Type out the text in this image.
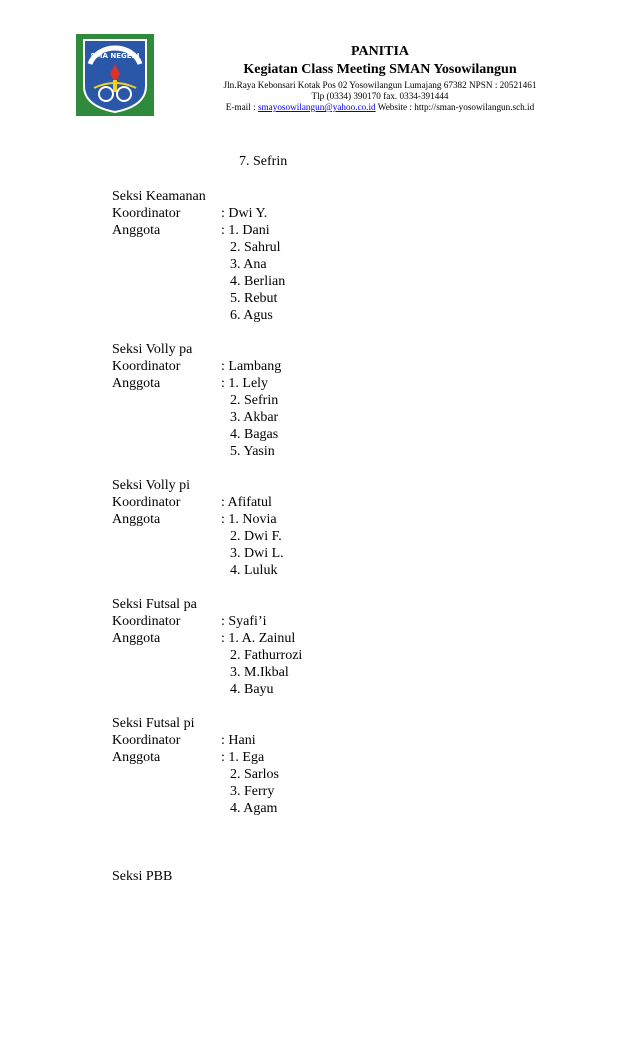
SMA NEGERI	PANITIA
Kegiatan Class Meeting SMAN Yosowilangun
Jln.Raya Kebonsari Kotak Pos 02 Yosowilangun Lumajang 67382 NPSN : 20521461
Tlp (0334) 390170 fax. 0334-391444
E-mail : smayosowilangun@yahoo.co.id Website : http://sman-yosowilangun.sch.id
7. Sefrin
Seksi Keamanan
Koordinator	: Dwi Y.
Anggota	: 1. Dani
2. Sahrul
3. Ana
4. Berlian
5. Rebut
6. Agus
Seksi Volly pa
Koordinator	: Lambang
Anggota	: 1. Lely
2. Sefrin
3. Akbar
4. Bagas
5. Yasin
Seksi Volly pi
Koordinator	: Afifatul
Anggota	: 1. Novia
2. Dwi F.
3. Dwi L.
4. Luluk
Seksi Futsal pa
Koordinator	: Syafi’i
Anggota	: 1. A. Zainul
2. Fathurrozi
3. M.Ikbal
4. Bayu
Seksi Futsal pi
Koordinator	: Hani
Anggota	: 1. Ega
2. Sarlos
3. Ferry
4. Agam
Seksi PBB
